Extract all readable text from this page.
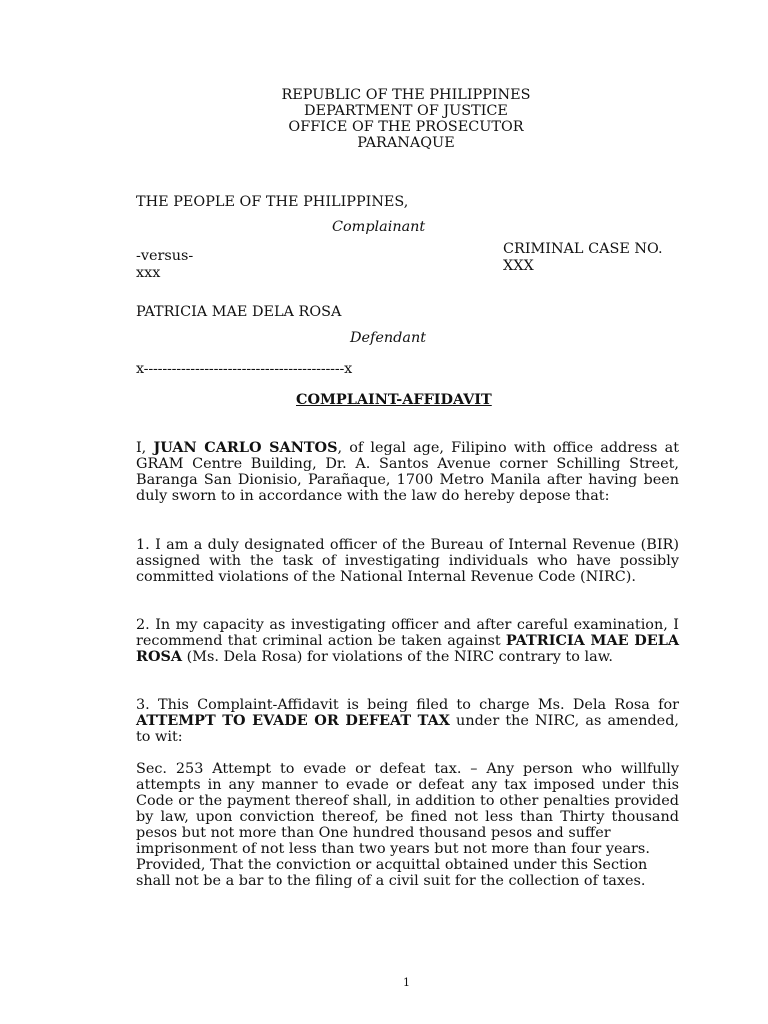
REPUBLIC OF THE PHILIPPINES
DEPARTMENT OF JUSTICE
OFFICE OF THE PROSECUTOR
PARANAQUE
THE PEOPLE OF THE PHILIPPINES,
Complainant
-versus-
xxx
CRIMINAL CASE NO.
XXX
PATRICIA MAE DELA ROSA
Defendant
x-------------------------------------------x
COMPLAINT-AFFIDAVIT
I, JUAN CARLO SANTOS, of legal age, Filipino with office address at GRAM Centre Building, Dr. A. Santos Avenue corner Schilling Street, Baranga San Dionisio, Parañaque, 1700 Metro Manila after having been duly sworn to in accordance with the law do hereby depose that:
1. I am a duly designated officer of the Bureau of Internal Revenue (BIR) assigned with the task of investigating individuals who have possibly committed violations of the National Internal Revenue Code (NIRC).
2. In my capacity as investigating officer and after careful examination, I recommend that criminal action be taken against PATRICIA MAE DELA ROSA (Ms. Dela Rosa) for violations of the NIRC contrary to law.
3. This Complaint-Affidavit is being filed to charge Ms. Dela Rosa for ATTEMPT TO EVADE OR DEFEAT TAX under the NIRC, as amended, to wit:

Sec. 253 Attempt to evade or defeat tax. – Any person who willfully attempts in any manner to evade or defeat any tax imposed under this Code or the payment thereof shall, in addition to other penalties provided by law, upon conviction thereof, be fined not less than Thirty thousand pesos but not more than One hundred thousand pesos and suffer

imprisonment of not less than two years but not more than four years. Provided, That the conviction or acquittal obtained under this Section shall not be a bar to the filing of a civil suit for the collection of taxes.

1
